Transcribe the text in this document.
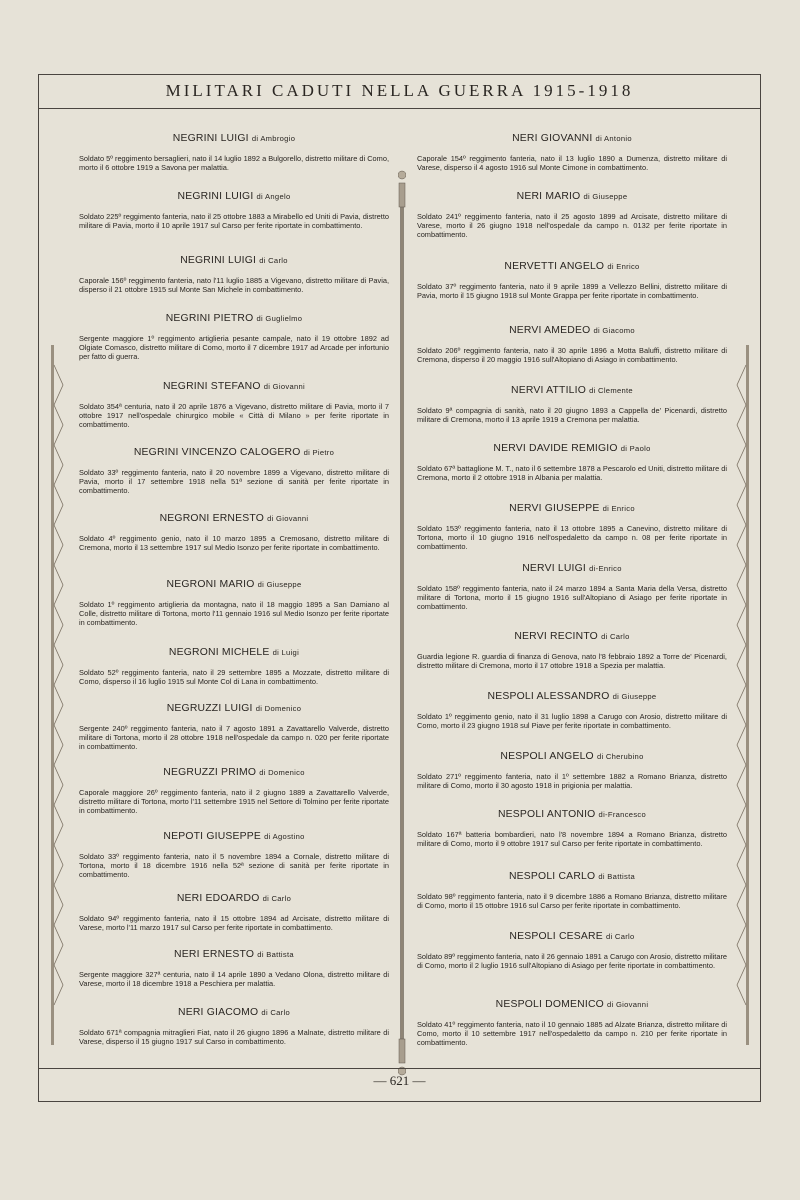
MILITARI CADUTI NELLA GUERRA 1915-1918
NEGRINI LUIGI di Ambrogio
Soldato 5º reggimento bersaglieri, nato il 14 luglio 1892 a Bulgorello, distretto militare di Como, morto il 6 ottobre 1919 a Savona per malattia.
NEGRINI LUIGI di Angelo
Soldato 225º reggimento fanteria, nato il 25 ottobre 1883 a Mirabello ed Uniti di Pavia, distretto militare di Pavia, morto il 10 aprile 1917 sul Carso per ferite riportate in combattimento.
NEGRINI LUIGI di Carlo
Caporale 156º reggimento fanteria, nato l'11 luglio 1885 a Vigevano, distretto militare di Pavia, disperso il 21 ottobre 1915 sul Monte San Michele in combattimento.
NEGRINI PIETRO di Guglielmo
Sergente maggiore 1º reggimento artiglieria pesante campale, nato il 19 ottobre 1892 ad Olgiate Comasco, distretto militare di Como, morto il 7 dicembre 1917 ad Arcade per infortunio per fatto di guerra.
NEGRINI STEFANO di Giovanni
Soldato 354ª centuria, nato il 20 aprile 1876 a Vigevano, distretto militare di Pavia, morto il 7 ottobre 1917 nell'ospedale chirurgico mobile « Città di Milano » per ferite riportate in combattimento.
NEGRINI VINCENZO CALOGERO di Pietro
Soldato 33º reggimento fanteria, nato il 20 novembre 1899 a Vigevano, distretto militare di Pavia, morto il 17 settembre 1918 nella 51ª sezione di sanità per ferite riportate in combattimento.
NEGRONI ERNESTO di Giovanni
Soldato 4º reggimento genio, nato il 10 marzo 1895 a Cremosano, distretto militare di Cremona, morto il 13 settembre 1917 sul Medio Isonzo per ferite riportate in combattimento.
NEGRONI MARIO di Giuseppe
Soldato 1º reggimento artiglieria da montagna, nato il 18 maggio 1895 a San Damiano al Colle, distretto militare di Tortona, morto l'11 gennaio 1916 sul Medio Isonzo per ferite riportate in combattimento.
NEGRONI MICHELE di Luigi
Soldato 52º reggimento fanteria, nato il 29 settembre 1895 a Mozzate, distretto militare di Como, disperso il 16 luglio 1915 sul Monte Col di Lana in combattimento.
NEGRUZZI LUIGI di Domenico
Sergente 240º reggimento fanteria, nato il 7 agosto 1891 a Zavattarello Valverde, distretto militare di Tortona, morto il 28 ottobre 1918 nell'ospedale da campo n. 020 per ferite riportate in combattimento.
NEGRUZZI PRIMO di Domenico
Caporale maggiore 26º reggimento fanteria, nato il 2 giugno 1889 a Zavattarello Valverde, distretto militare di Tortona, morto l'11 settembre 1915 nel Settore di Tolmino per ferite riportate in combattimento.
NEPOTI GIUSEPPE di Agostino
Soldato 33º reggimento fanteria, nato il 5 novembre 1894 a Cornale, distretto militare di Tortona, morto il 18 dicembre 1916 nella 52ª sezione di sanità per ferite riportate in combattimento.
NERI EDOARDO di Carlo
Soldato 94º reggimento fanteria, nato il 15 ottobre 1894 ad Arcisate, distretto militare di Varese, morto l'11 marzo 1917 sul Carso per ferite riportate in combattimento.
NERI ERNESTO di Battista
Sergente maggiore 327ª centuria, nato il 14 aprile 1890 a Vedano Olona, distretto militare di Varese, morto il 18 dicembre 1918 a Peschiera per malattia.
NERI GIACOMO di Carlo
Soldato 671ª compagnia mitraglieri Fiat, nato il 26 giugno 1896 a Malnate, distretto militare di Varese, disperso il 15 giugno 1917 sul Carso in combattimento.
NERI GIOVANNI di Antonio
Caporale 154º reggimento fanteria, nato il 13 luglio 1890 a Dumenza, distretto militare di Varese, disperso il 4 agosto 1916 sul Monte Cimone in combattimento.
NERI MARIO di Giuseppe
Soldato 241º reggimento fanteria, nato il 25 agosto 1899 ad Arcisate, distretto militare di Varese, morto il 26 giugno 1918 nell'ospedale da campo n. 0132 per ferite riportate in combattimento.
NERVETTI ANGELO di Enrico
Soldato 37º reggimento fanteria, nato il 9 aprile 1899 a Vellezzo Bellini, distretto militare di Pavia, morto il 15 giugno 1918 sul Monte Grappa per ferite riportate in combattimento.
NERVI AMEDEO di Giacomo
Soldato 206º reggimento fanteria, nato il 30 aprile 1896 a Motta Baluffi, distretto militare di Cremona, disperso il 20 maggio 1916 sull'Altopiano di Asiago in combattimento.
NERVI ATTILIO di Clemente
Soldato 9ª compagnia di sanità, nato il 20 giugno 1893 a Cappella de' Picenardi, distretto militare di Cremona, morto il 13 aprile 1919 a Cremona per malattia.
NERVI DAVIDE REMIGIO di Paolo
Soldato 67ª battaglione M. T., nato il 6 settembre 1878 a Pescarolo ed Uniti, distretto militare di Cremona, morto il 2 ottobre 1918 in Albania per malattia.
NERVI GIUSEPPE di Enrico
Soldato 153º reggimento fanteria, nato il 13 ottobre 1895 a Canevino, distretto militare di Tortona, morto il 10 giugno 1916 nell'ospedaletto da campo n. 08 per ferite riportate in combattimento.
NERVI LUIGI di-Enrico
Soldato 158º reggimento fanteria, nato il 24 marzo 1894 a Santa Maria della Versa, distretto militare di Tortona, morto il 15 giugno 1916 sull'Altopiano di Asiago per ferite riportate in combattimento.
NERVI RECINTO di Carlo
Guardia legione R. guardia di finanza di Genova, nato l'8 febbraio 1892 a Torre de' Picenardi, distretto militare di Cremona, morto il 17 ottobre 1918 a Spezia per malattia.
NESPOLI ALESSANDRO di Giuseppe
Soldato 1º reggimento genio, nato il 31 luglio 1898 a Carugo con Arosio, distretto militare di Como, morto il 23 giugno 1918 sul Piave per ferite riportate in combattimento.
NESPOLI ANGELO di Cherubino
Soldato 271º reggimento fanteria, nato il 1º settembre 1882 a Romano Brianza, distretto militare di Como, morto il 30 agosto 1918 in prigionia per malattia.
NESPOLI ANTONIO di-Francesco
Soldato 167ª batteria bombardieri, nato l'8 novembre 1894 a Romano Brianza, distretto militare di Como, morto il 9 ottobre 1917 sul Carso per ferite riportate in combattimento.
NESPOLI CARLO di Battista
Soldato 98º reggimento fanteria, nato il 9 dicembre 1886 a Romano Brianza, distretto militare di Como, morto il 15 ottobre 1916 sul Carso per ferite riportate in combattimento.
NESPOLI CESARE di Carlo
Soldato 89º reggimento fanteria, nato il 26 gennaio 1891 a Carugo con Arosio, distretto militare di Como, morto il 2 luglio 1916 sull'Altopiano di Asiago per ferite riportate in combattimento.
NESPOLI DOMENICO di Giovanni
Soldato 41º reggimento fanteria, nato il 10 gennaio 1885 ad Alzate Brianza, distretto militare di Como, morto il 10 settembre 1917 nell'ospedaletto da campo n. 210 per ferite riportate in combattimento.
— 621 —
